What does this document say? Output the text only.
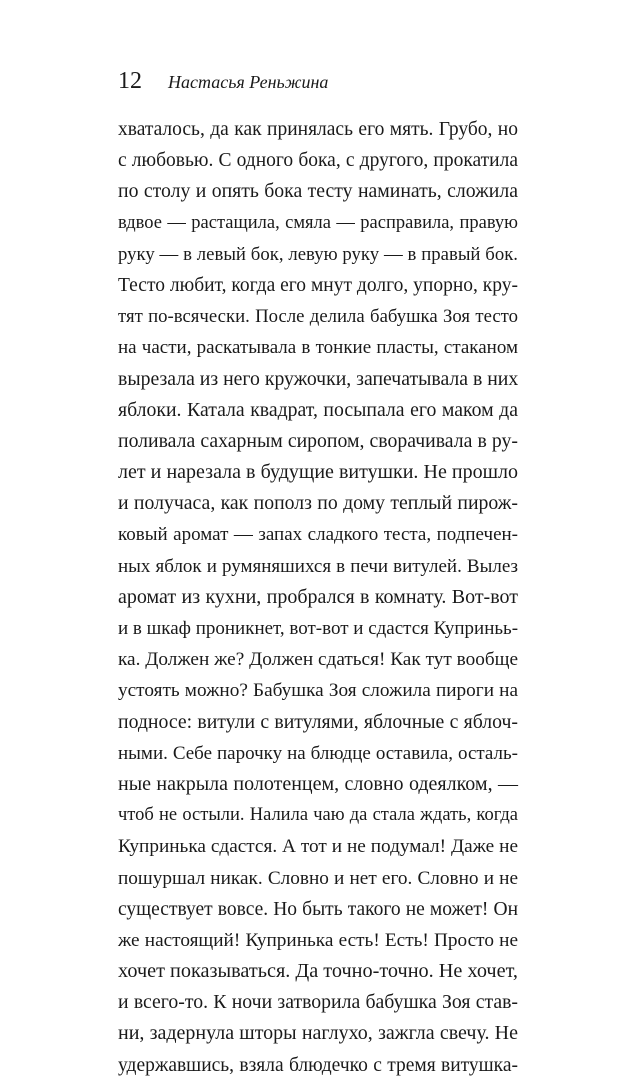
12 Настасья Реньжина
хваталось, да как принялась его мять. Грубо, но
с любовью. С одного бока, с другого, прокатила
по столу и опять бока тесту наминать, сложила
вдвое — растащила, смяла — расправила, правую
руку — в левый бок, левую руку — в правый бок.
Тесто любит, когда его мнут долго, упорно, кру-
тят по-всячески. После делила бабушка Зоя тесто
на части, раскатывала в тонкие пласты, стаканом
вырезала из него кружочки, запечатывала в них
яблоки. Катала квадрат, посыпала его маком да
поливала сахарным сиропом, сворачивала в ру-
лет и нарезала в будущие витушки. Не прошло
и получаса, как пополз по дому теплый пирож-
ковый аромат — запах сладкого теста, подпечен-
ных яблок и румяняшихся в печи витулей. Вылез
аромат из кухни, пробрался в комнату. Вот-вот
и в шкаф проникнет, вот-вот и сдастся Куприньь-
ка. Должен же? Должен сдаться! Как тут вообще
устоять можно? Бабушка Зоя сложила пироги на
подносе: витули с витулями, яблочные с яблоч-
ными. Себе парочку на блюдце оставила, осталь-
ные накрыла полотенцем, словно одеялком, —
чтоб не остыли. Налила чаю да стала ждать, когда
Купринька сдастся. А тот и не подумал! Даже не
пошуршал никак. Словно и нет его. Словно и не
существует вовсе. Но быть такого не может! Он
же настоящий! Купринька есть! Есть! Просто не
хочет показываться. Да точно-точно. Не хочет,
и всего-то. К ночи затворила бабушка Зоя став-
ни, задернула шторы наглухо, зажгла свечу. Не
удержавшись, взяла блюдечко с тремя витушка-
